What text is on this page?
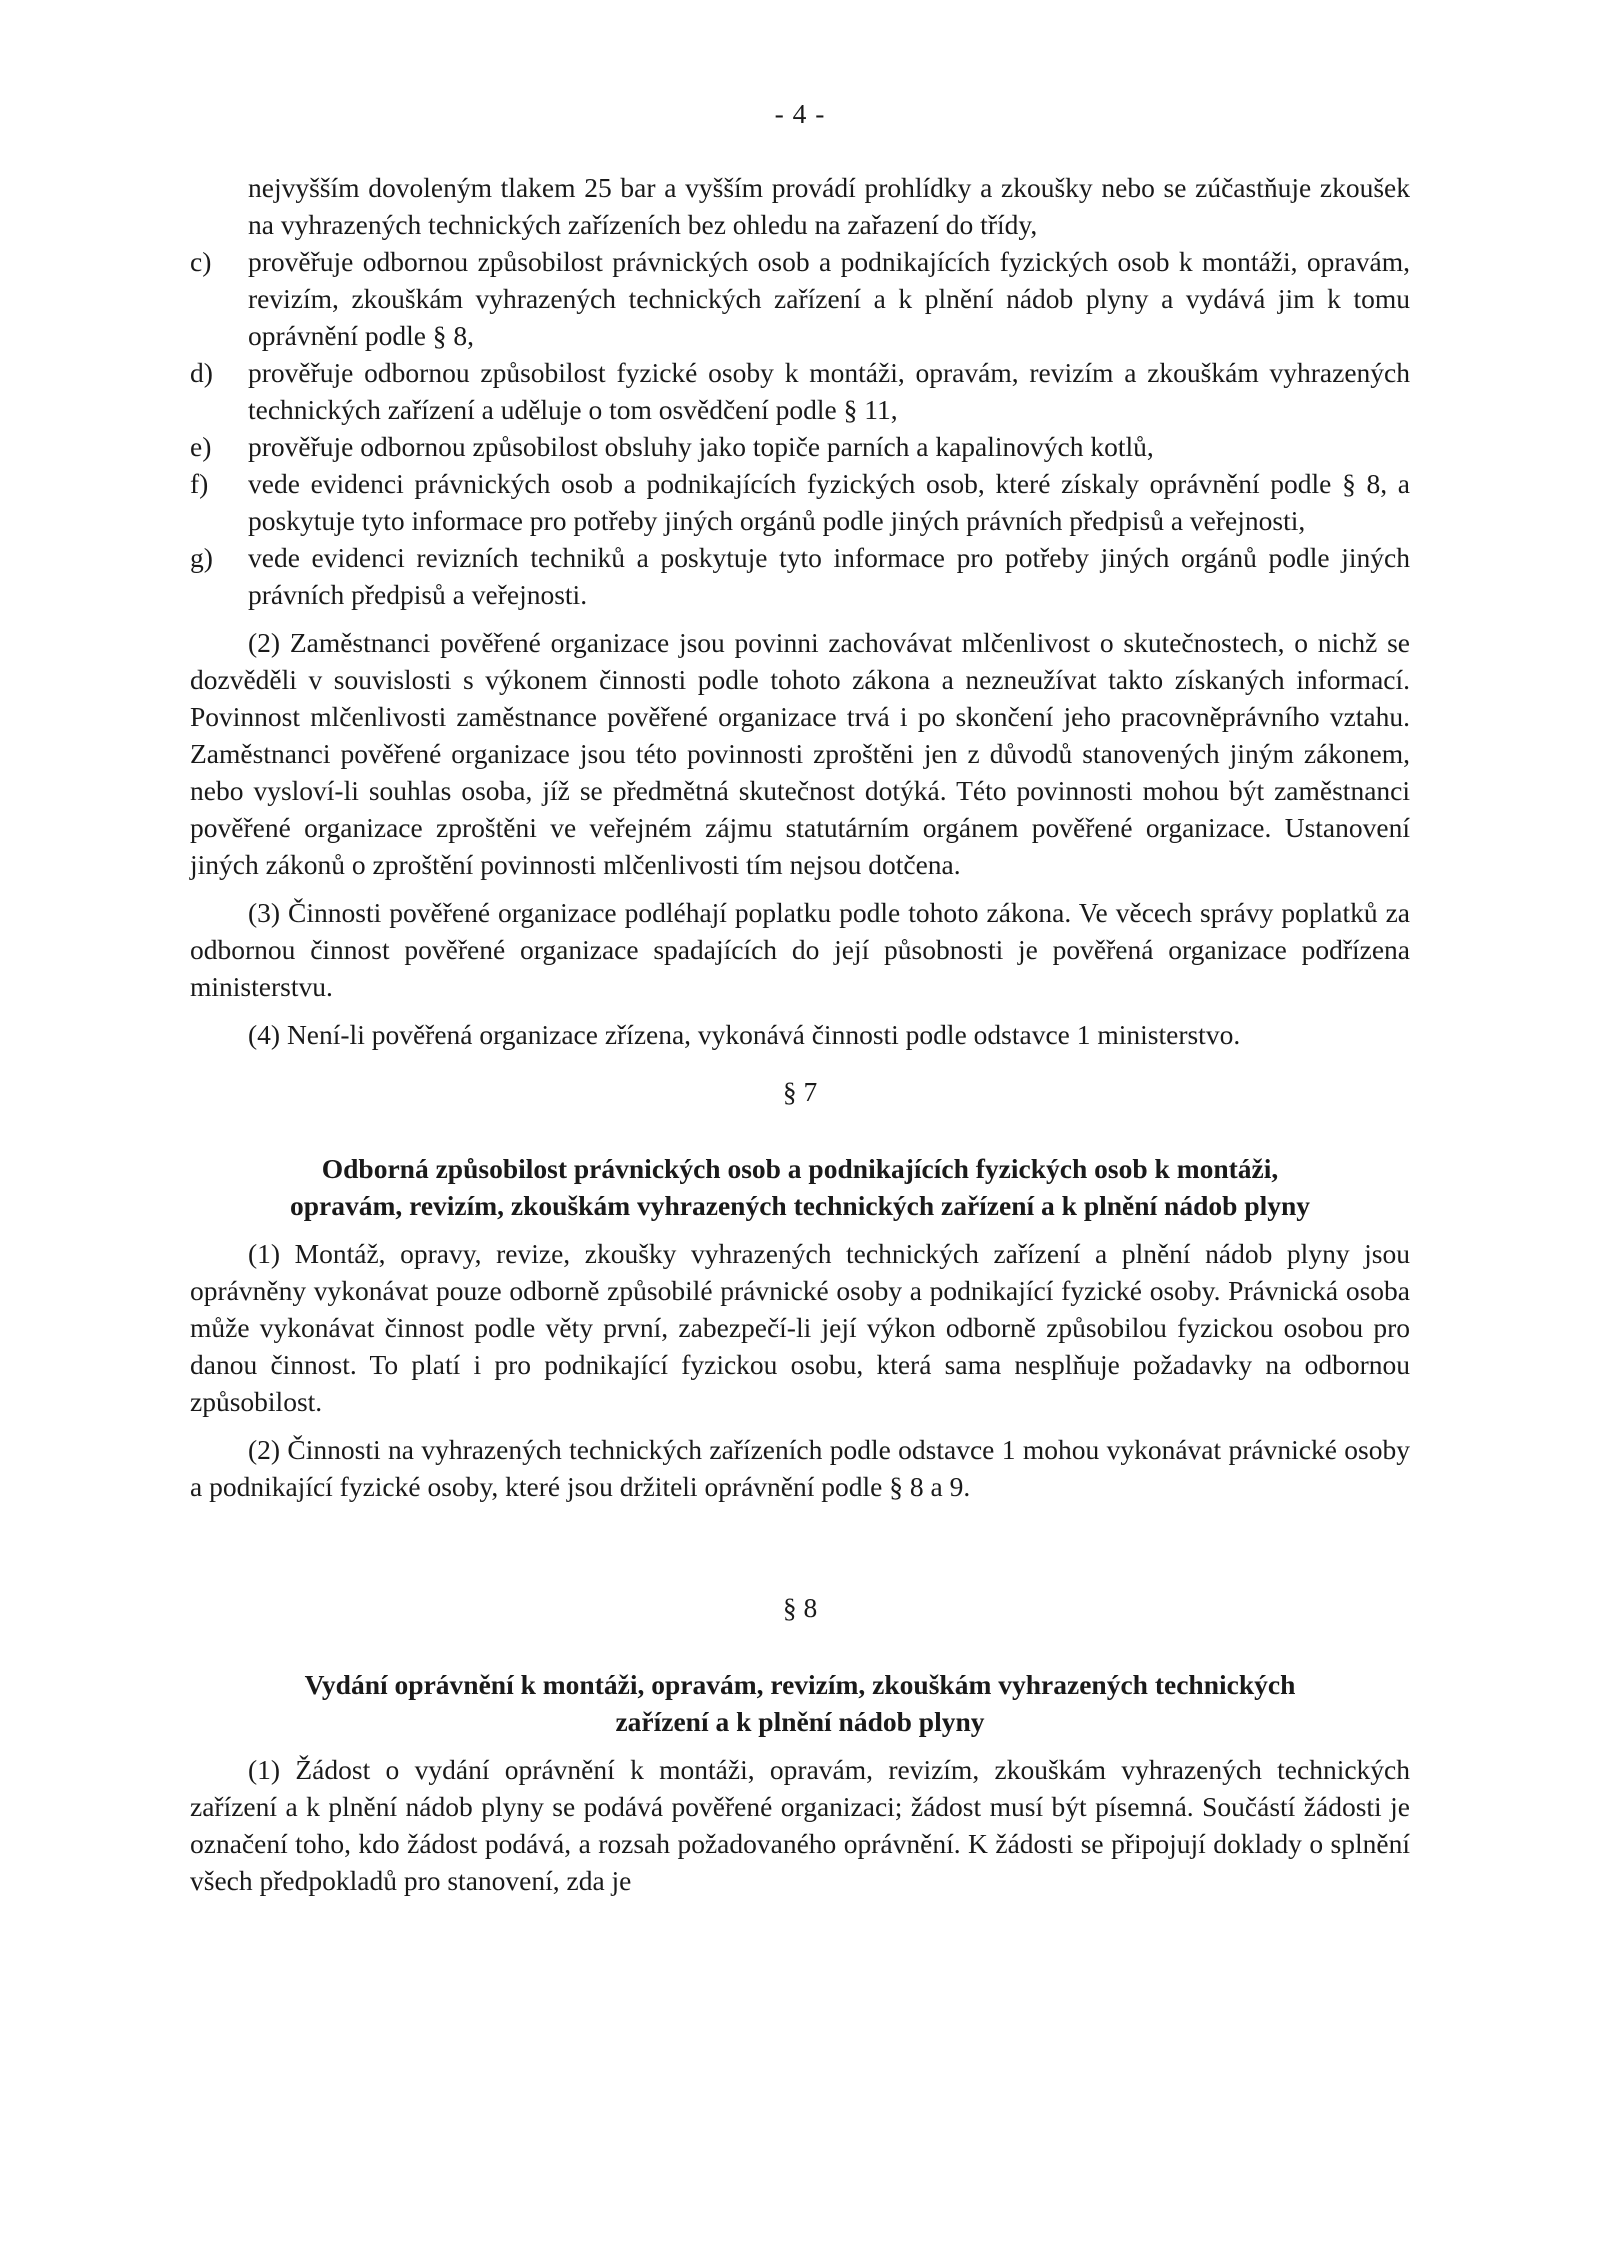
- 4 -
nejvyšším dovoleným tlakem 25 bar a vyšším provádí prohlídky a zkoušky nebo se zúčastňuje zkoušek na vyhrazených technických zařízeních bez ohledu na zařazení do třídy,
c) prověřuje odbornou způsobilost právnických osob a podnikajících fyzických osob k montáži, opravám, revizím, zkouškám vyhrazených technických zařízení a k plnění nádob plyny a vydává jim k tomu oprávnění podle § 8,
d) prověřuje odbornou způsobilost fyzické osoby k montáži, opravám, revizím a zkouškám vyhrazených technických zařízení a uděluje o tom osvědčení podle § 11,
e) prověřuje odbornou způsobilost obsluhy jako topiče parních a kapalinových kotlů,
f) vede evidenci právnických osob a podnikajících fyzických osob, které získaly oprávnění podle § 8, a poskytuje tyto informace pro potřeby jiných orgánů podle jiných právních předpisů a veřejnosti,
g) vede evidenci revizních techniků a poskytuje tyto informace pro potřeby jiných orgánů podle jiných právních předpisů a veřejnosti.

(2) Zaměstnanci pověřené organizace jsou povinni zachovávat mlčenlivost o skutečnostech, o nichž se dozvěděli v souvislosti s výkonem činnosti podle tohoto zákona a nezneužívat takto získaných informací. Povinnost mlčenlivosti zaměstnance pověřené organizace trvá i po skončení jeho pracovněprávního vztahu. Zaměstnanci pověřené organizace jsou této povinnosti zproštěni jen z důvodů stanovených jiným zákonem, nebo vysloví-li souhlas osoba, jíž se předmětná skutečnost dotýká. Této povinnosti mohou být zaměstnanci pověřené organizace zproštěni ve veřejném zájmu statutárním orgánem pověřené organizace. Ustanovení jiných zákonů o zproštění povinnosti mlčenlivosti tím nejsou dotčena.

(3) Činnosti pověřené organizace podléhají poplatku podle tohoto zákona. Ve věcech správy poplatků za odbornou činnost pověřené organizace spadajících do její působnosti je pověřená organizace podřízena ministerstvu.

(4) Není-li pověřená organizace zřízena, vykonává činnosti podle odstavce 1 ministerstvo.

§ 7

Odborná způsobilost právnických osob a podnikajících fyzických osob k montáži,

opravám, revizím, zkouškám vyhrazených technických zařízení a k plnění nádob plyny

(1) Montáž, opravy, revize, zkoušky vyhrazených technických zařízení a plnění nádob plyny jsou oprávněny vykonávat pouze odborně způsobilé právnické osoby a podnikající fyzické osoby. Právnická osoba může vykonávat činnost podle věty první, zabezpečí-li její výkon odborně způsobilou fyzickou osobou pro danou činnost. To platí i pro podnikající fyzickou osobu, která sama nesplňuje požadavky na odbornou způsobilost.

(2) Činnosti na vyhrazených technických zařízeních podle odstavce 1 mohou vykonávat právnické osoby a podnikající fyzické osoby, které jsou držiteli oprávnění podle § 8 a 9.

§ 8

Vydání oprávnění k montáži, opravám, revizím, zkouškám vyhrazených technických

zařízení a k plnění nádob plyny

(1) Žádost o vydání oprávnění k montáži, opravám, revizím, zkouškám vyhrazených technických zařízení a k plnění nádob plyny se podává pověřené organizaci; žádost musí být písemná. Součástí žádosti je označení toho, kdo žádost podává, a rozsah požadovaného oprávnění. K žádosti se připojují doklady o splnění všech předpokladů pro stanovení, zda je
